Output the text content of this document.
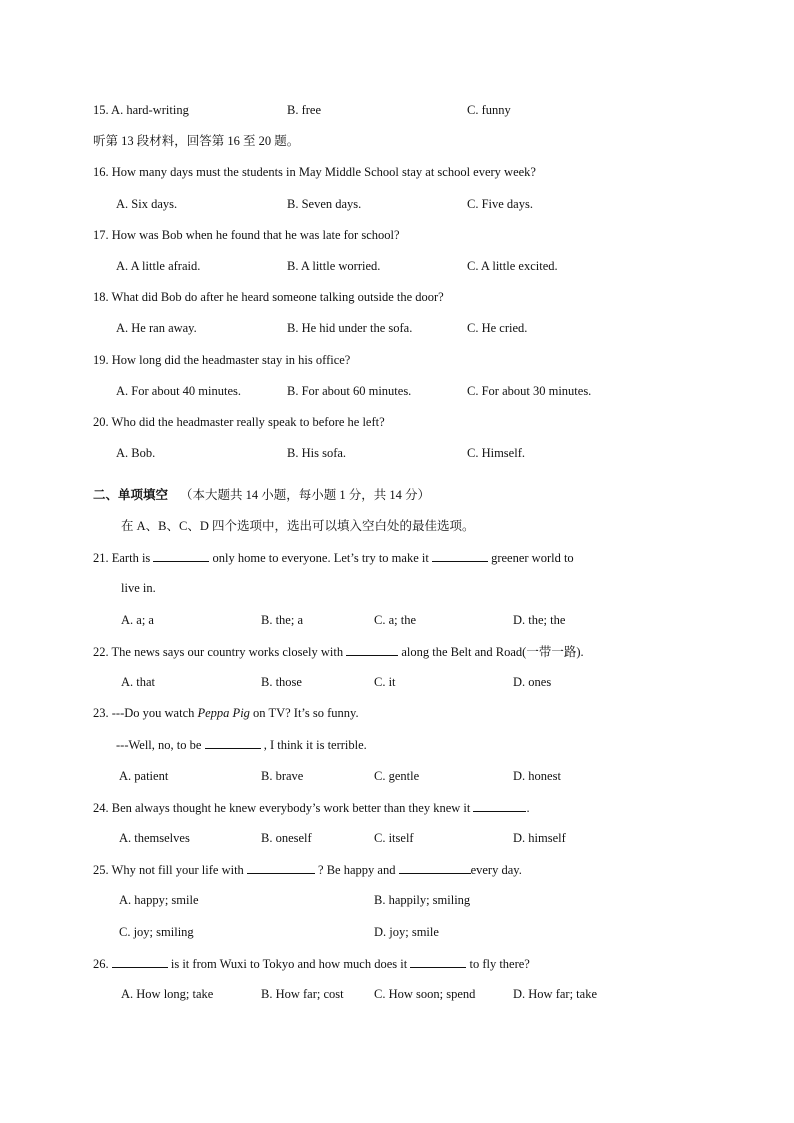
15. A. hard-writing	B. free	C. funny
听第 13 段材料，回答第 16 至 20 题。
16. How many days must the students in May Middle School stay at school every week?
A. Six days.	B. Seven days.	C. Five days.
17. How was Bob when he found that he was late for school?
A. A little afraid.	B. A little worried.	C. A little excited.
18. What did Bob do after he heard someone talking outside the door?
A. He ran away.	B. He hid under the sofa.	C. He cried.
19. How long did the headmaster stay in his office?
A. For about 40 minutes.	B. For about 60 minutes.	C. For about 30 minutes.
20. Who did the headmaster really speak to before he left?
A. Bob.	B. His sofa.	C. Himself.
二、单项填空 （本大题共 14 小题，每小题 1 分，共 14 分）
在 A、B、C、D 四个选项中，选出可以填入空白处的最佳选项。
21. Earth is	only home to everyone. Let’s try to make it	greener world to
live in.
A. a; a	B. the; a	C. a; the	D. the; the
22. The news says our country works closely with	along the Belt and Road(一带一路).
A. that	B. those	C. it	D. ones
23. ---Do you watch Peppa Pig on TV? It’s so funny.
---Well, no, to be	, I think it is terrible.
A. patient	B. brave	C. gentle	D. honest
24. Ben always thought he knew everybody’s work better than they knew it	.
A. themselves	B. oneself	C. itself	D. himself
25. Why not fill your life with	? Be happy and	every day.
A. happy; smile	B. happily; smiling
C. joy; smiling	D. joy; smile
26.	is it from Wuxi to Tokyo and how much does it	to fly there?
A. How long; take	B. How far; cost C. How soon; spend	D. How far; take
